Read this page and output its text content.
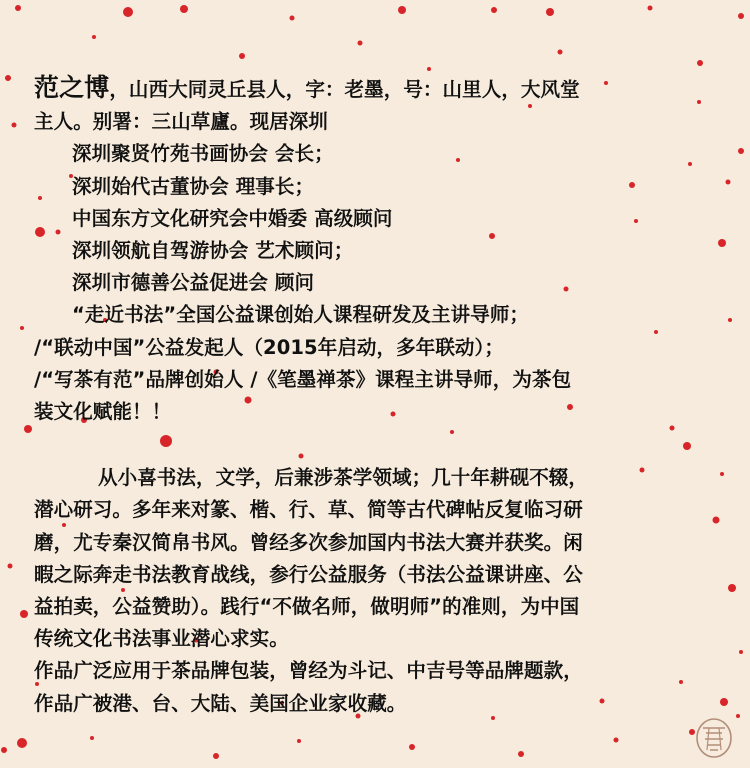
范之博，山西大同灵丘县人，字：老墨，号：山里人，大风堂
主人。别署：三山草廬。现居深圳
深圳聚贤竹苑书画协会 会长；
深圳始代古董协会 理事长；
中国东方文化研究会中婚委 高级顾问
深圳领航自驾游协会 艺术顾问；
深圳市德善公益促进会 顾问
“走近书法”全国公益课创始人课程研发及主讲导师；
/“联动中国”公益发起人（2015年启动，多年联动）；
/“写茶有范”品牌创始人 /《笔墨禅茶》课程主讲导师，为茶包
装文化赋能！！
从小喜书法，文学，后兼涉茶学领域；几十年耕砚不辍，
潜心研习。多年来对篆、楷、行、草、简等古代碑帖反复临习研
磨，尤专秦汉简帛书风。曾经多次参加国内书法大赛并获奖。闲
暇之际奔走书法教育战线，参行公益服务（书法公益课讲座、公
益拍卖，公益赞助）。践行“不做名师，做明师”的准则，为中国
传统文化书法事业潜心求实。
作品广泛应用于茶品牌包装，曾经为斗记、中吉号等品牌题款，
作品广被港、台、大陆、美国企业家收藏。
